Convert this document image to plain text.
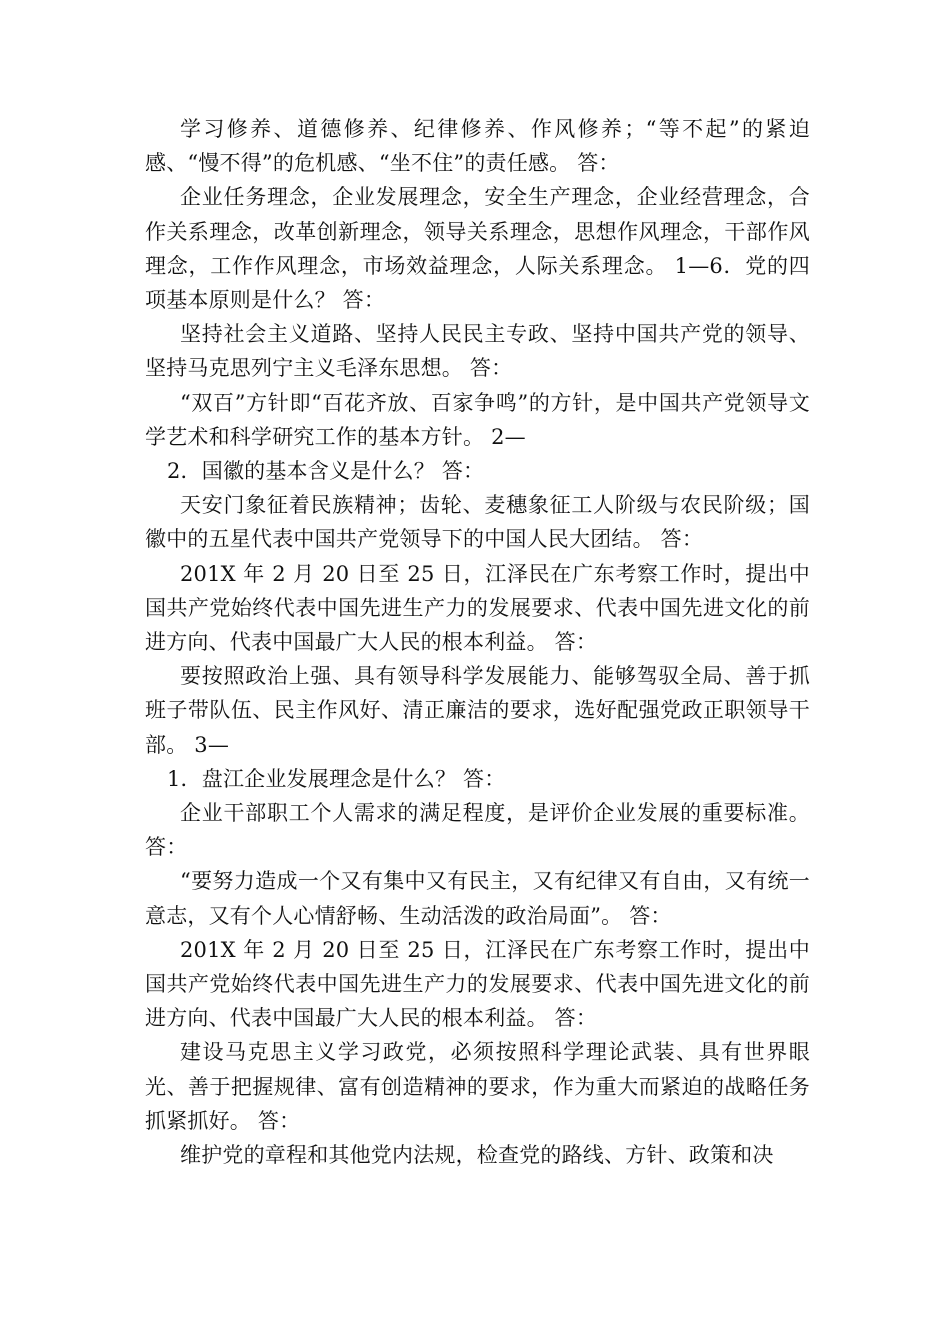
学习修养、道德修养、纪律修养、作风修养；“等不起”的紧迫感、“慢不得”的危机感、“坐不住”的责任感。 答：

企业任务理念，企业发展理念，安全生产理念，企业经营理念，合作关系理念，改革创新理念，领导关系理念，思想作风理念，干部作风理念，工作作风理念，市场效益理念，人际关系理念。 1—6．党的四项基本原则是什么？ 答：

坚持社会主义道路、坚持人民民主专政、坚持中国共产党的领导、坚持马克思列宁主义毛泽东思想。 答：

“双百”方针即“百花齐放、百家争鸣”的方针，是中国共产党领导文学艺术和科学研究工作的基本方针。 2—

2．国徽的基本含义是什么？ 答：

天安门象征着民族精神；齿轮、麦穗象征工人阶级与农民阶级；国徽中的五星代表中国共产党领导下的中国人民大团结。 答：

201X 年 2 月 20 日至 25 日，江泽民在广东考察工作时，提出中国共产党始终代表中国先进生产力的发展要求、代表中国先进文化的前进方向、代表中国最广大人民的根本利益。 答：

要按照政治上强、具有领导科学发展能力、能够驾驭全局、善于抓班子带队伍、民主作风好、清正廉洁的要求，选好配强党政正职领导干部。 3—

1．盘江企业发展理念是什么？ 答：

企业干部职工个人需求的满足程度，是评价企业发展的重要标准。答：

“要努力造成一个又有集中又有民主，又有纪律又有自由，又有统一意志，又有个人心情舒畅、生动活泼的政治局面”。 答：

201X 年 2 月 20 日至 25 日，江泽民在广东考察工作时，提出中国共产党始终代表中国先进生产力的发展要求、代表中国先进文化的前进方向、代表中国最广大人民的根本利益。 答：

建设马克思主义学习政党，必须按照科学理论武装、具有世界眼光、善于把握规律、富有创造精神的要求，作为重大而紧迫的战略任务抓紧抓好。 答：

维护党的章程和其他党内法规，检查党的路线、方针、政策和决
